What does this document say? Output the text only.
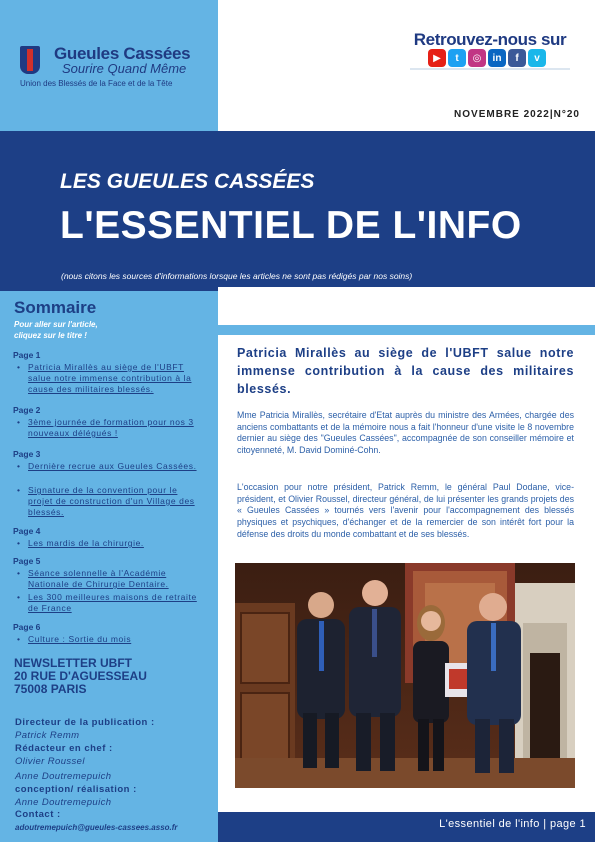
Gueules Cassées
Sourire Quand Même
Union des Blessés de la Face et de la Tête
Retrouvez-nous sur
▶	t	◎	in	f	v
NOVEMBRE 2022|N°20
LES GUEULES CASSÉES
L'ESSENTIEL DE L'INFO
(nous citons les sources d'informations lorsque les articles ne sont pas rédigés par nos soins)
Sommaire
Pour aller sur l'article, cliquez sur le titre !
Page 1
• Patricia Mirallès au siège de l'UBFT salue notre immense contribution à la cause des militaires blessés.
Page 2
• 3ème journée de formation pour nos 3 nouveaux délégués !
Page 3
• Dernière recrue aux Gueules Cassées.
• Signature de la convention pour le projet de construction d'un Village des blessés.
Page 4
• Les mardis de la chirurgie.
Page 5
• Séance solennelle à l'Académie Nationale de Chirurgie Dentaire.
• Les 300 meilleures maisons de retraite de France
Page 6
• Culture : Sortie du mois
NEWSLETTER UBFT
20 RUE D'AGUESSEAU
75008 PARIS
Directeur de la publication :
Patrick Remm
Rédacteur en chef :
Olivier Roussel
Anne Doutremepuich
conception/ réalisation :
Anne Doutremepuich
Contact :
adoutremepuich@gueules-cassees.asso.fr
Patricia Mirallès au siège de l'UBFT salue notre immense contribution à la cause des militaires blessés.
Mme Patricia Mirallès, secrétaire d'Etat auprès du ministre des Armées, chargée des anciens combattants et de la mémoire nous a fait l'honneur d'une visite le 8 novembre dernier au siège des "Gueules Cassées", accompagnée de son conseiller mémoire et citoyenneté, M. David Dominé-Cohn.
L'occasion pour notre président, Patrick Remm, le général Paul Dodane, vice-président, et Olivier Roussel, directeur général, de lui présenter les grands projets des « Gueules Cassées » tournés vers l'avenir pour l'accompagnement des blessés physiques et psychiques, d'échanger et de la remercier de son intérêt fort pour la défense des droits du monde combattant et de ses blessés.
L'essentiel de l'info | page 1
